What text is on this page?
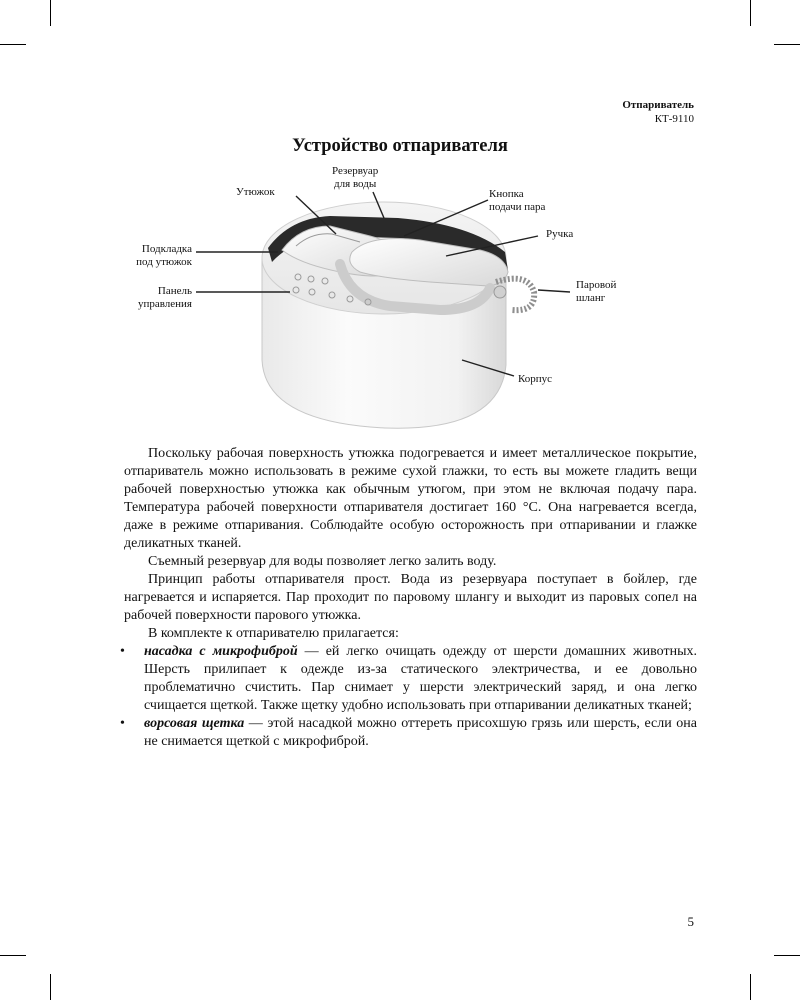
Отпариватель
КТ-9110
Устройство отпаривателя
Утюжок
Резервуар
для воды
Кнопка
подачи пара
Ручка
Подкладка
под утюжок
Панель
управления
Паровой
шланг
Корпус

Поскольку рабочая поверхность утюжка подогревается и имеет металлическое покрытие, отпариватель можно использовать в режиме сухой глажки, то есть вы можете гладить вещи рабочей поверхностью утюжка как обычным утюгом, при этом не включая подачу пара. Температура рабочей поверхности отпаривателя достигает 160 °С. Она нагревается всегда, даже в режиме отпаривания. Соблюдайте особую осторожность при отпаривании и глажке деликатных тканей.

Съемный резервуар для воды позволяет легко залить воду.

Принцип работы отпаривателя прост. Вода из резервуара поступает в бойлер, где нагревается и испаряется. Пар проходит по паровому шлангу и выходит из паровых сопел на рабочей поверхности парового утюжка.

В комплекте к отпаривателю прилагается:

• насадка с микрофиброй — ей легко очищать одежду от шерсти домашних животных. Шерсть прилипает к одежде из-за статического электричества, и ее довольно проблематично счистить. Пар снимает у шерсти электрический заряд, и она легко счищается щеткой. Также щетку удобно использовать при отпаривании деликатных тканей;
• ворсовая щетка — этой насадкой можно оттереть присохшую грязь или шерсть, если она не снимается щеткой с микрофиброй.
5
